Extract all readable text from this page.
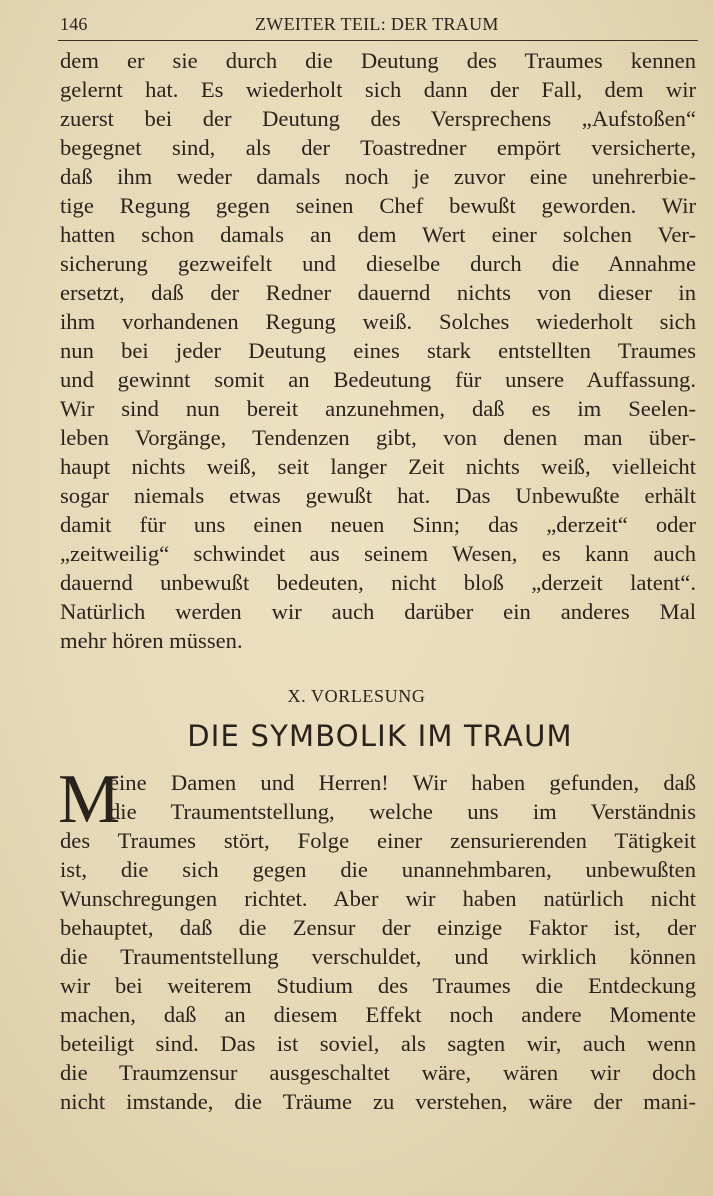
146	ZWEITER TEIL: DER TRAUM
dem er sie durch die Deutung des Traumes kennen
gelernt hat. Es wiederholt sich dann der Fall, dem wir
zuerst bei der Deutung des Versprechens „Aufstoßen“
begegnet sind, als der Toastredner empört versicherte,
daß ihm weder damals noch je zuvor eine unehrerbie-
tige Regung gegen seinen Chef bewußt geworden. Wir
hatten schon damals an dem Wert einer solchen Ver-
sicherung gezweifelt und dieselbe durch die Annahme
ersetzt, daß der Redner dauernd nichts von dieser in
ihm vorhandenen Regung weiß. Solches wiederholt sich
nun bei jeder Deutung eines stark entstellten Traumes
und gewinnt somit an Bedeutung für unsere Auffassung.
Wir sind nun bereit anzunehmen, daß es im Seelen-
leben Vorgänge, Tendenzen gibt, von denen man über-
haupt nichts weiß, seit langer Zeit nichts weiß, vielleicht
sogar niemals etwas gewußt hat. Das Unbewußte erhält
damit für uns einen neuen Sinn; das „derzeit“ oder
„zeitweilig“ schwindet aus seinem Wesen, es kann auch
dauernd unbewußt bedeuten, nicht bloß „derzeit latent“.
Natürlich werden wir auch darüber ein anderes Mal
mehr hören müssen.
X. VORLESUNG
DIE SYMBOLIK IM TRAUM
M
eine Damen und Herren! Wir haben gefunden, daß
die Traumentstellung, welche uns im Verständnis
des Traumes stört, Folge einer zensurierenden Tätigkeit
ist, die sich gegen die unannehmbaren, unbewußten
Wunschregungen richtet. Aber wir haben natürlich nicht
behauptet, daß die Zensur der einzige Faktor ist, der
die Traumentstellung verschuldet, und wirklich können
wir bei weiterem Studium des Traumes die Entdeckung
machen, daß an diesem Effekt noch andere Momente
beteiligt sind. Das ist soviel, als sagten wir, auch wenn
die Traumzensur ausgeschaltet wäre, wären wir doch
nicht imstande, die Träume zu verstehen, wäre der mani-
